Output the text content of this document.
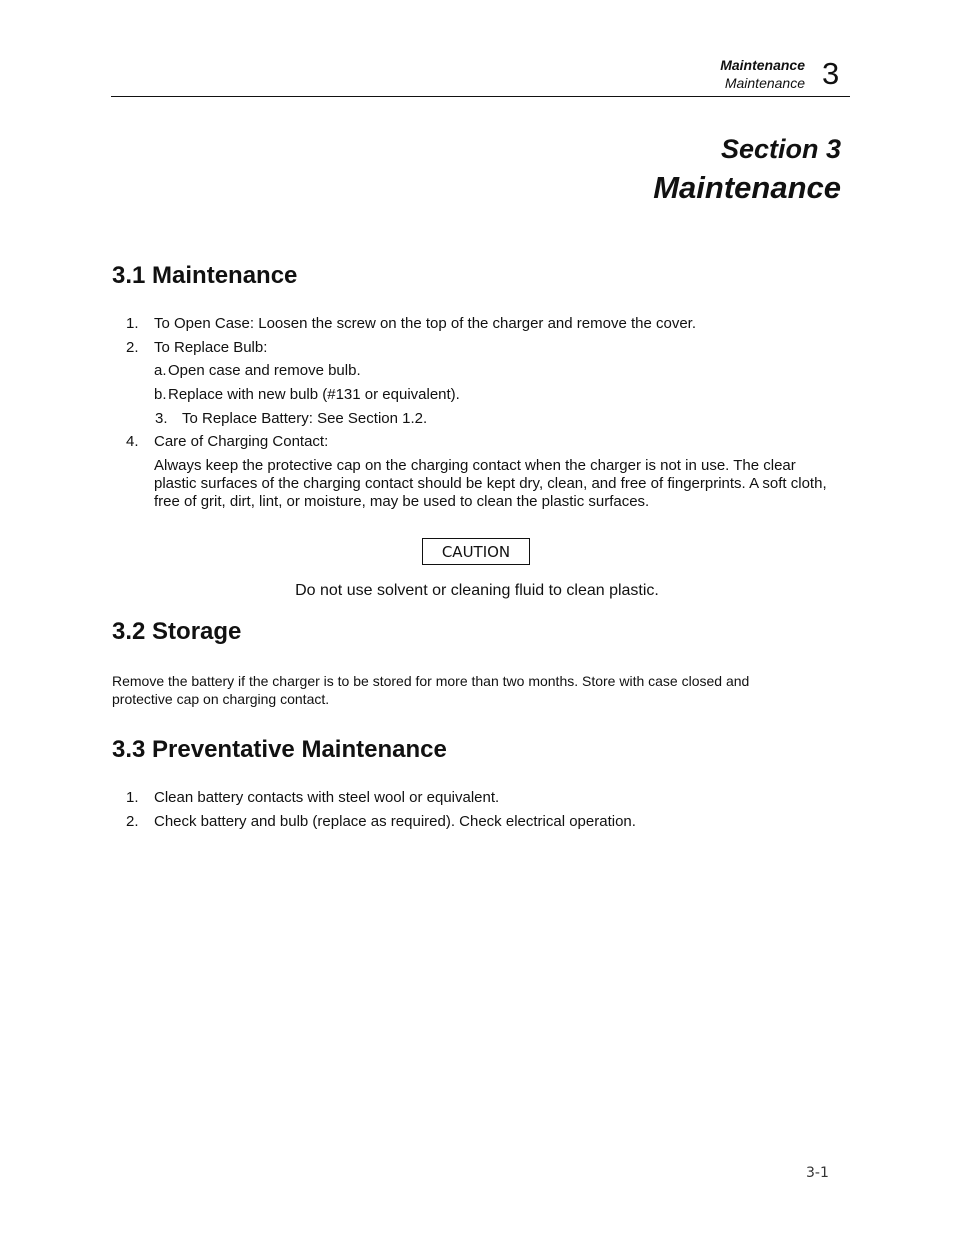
Maintenance
Maintenance 3
Section 3
Maintenance
3.1 Maintenance
1. To Open Case: Loosen the screw on the top of the charger and remove the cover.
2. To Replace Bulb:
a. Open case and remove bulb.
b. Replace with new bulb (#131 or equivalent).
3. To Replace Battery: See Section 1.2.
4. Care of Charging Contact:
Always keep the protective cap on the charging contact when the charger is not in use. The clear plastic surfaces of the charging contact should be kept dry, clean, and free of fingerprints. A soft cloth, free of grit, dirt, lint, or moisture, may be used to clean the plastic surfaces.
CAUTION
Do not use solvent or cleaning fluid to clean plastic.
3.2 Storage
Remove the battery if the charger is to be stored for more than two months. Store with case closed and protective cap on charging contact.
3.3 Preventative Maintenance
1. Clean battery contacts with steel wool or equivalent.
2. Check battery and bulb (replace as required). Check electrical operation.
3-1
